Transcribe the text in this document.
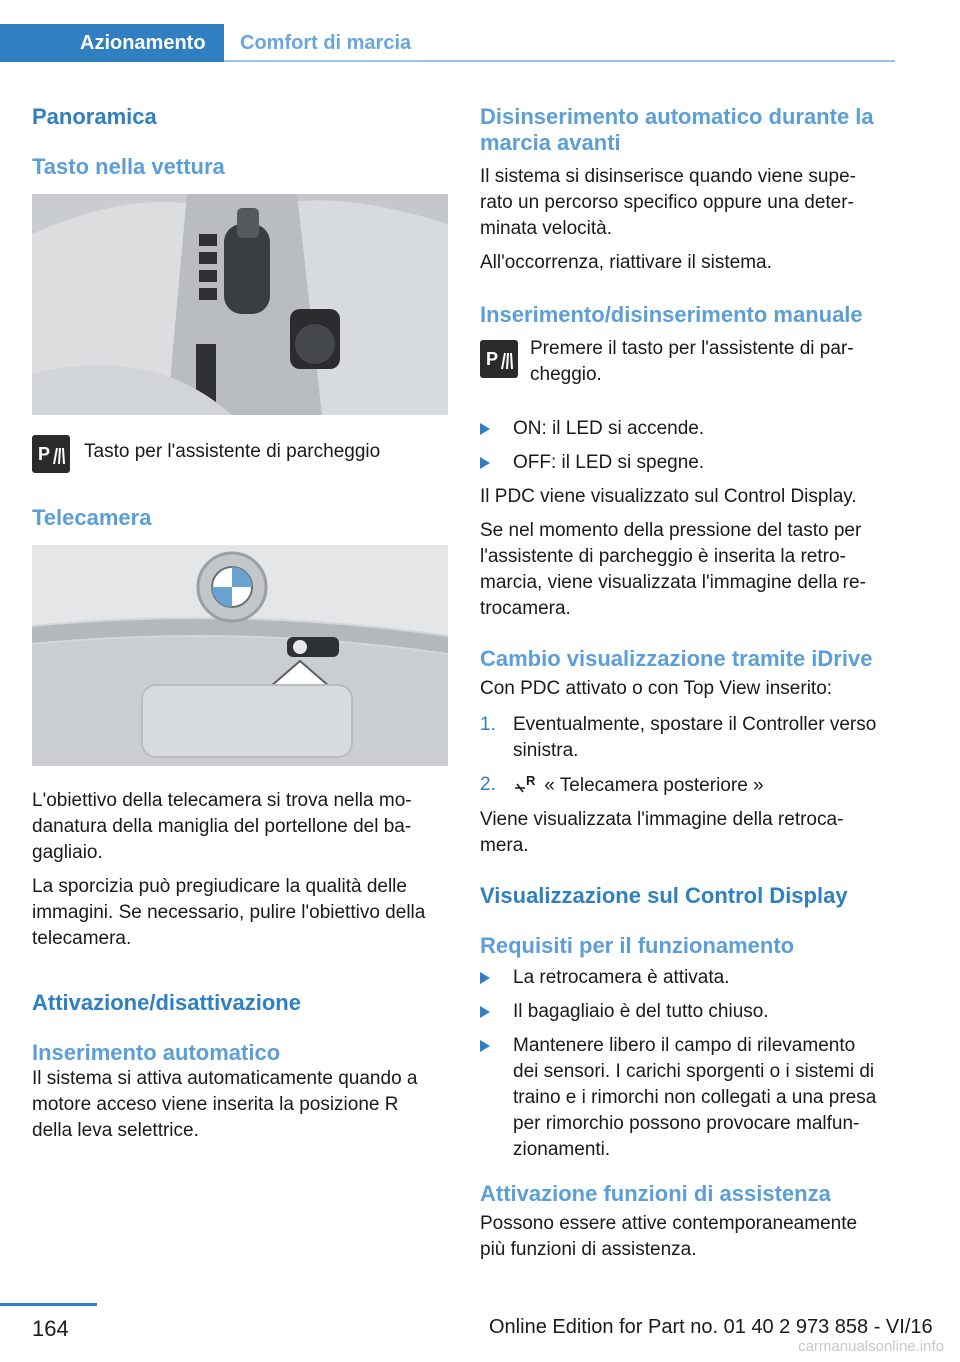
Azionamento	Comfort di marcia
Panoramica
Tasto nella vettura
P Tasto per l'assistente di parcheggio
Telecamera

L'obiettivo della telecamera si trova nella mo-
danatura della maniglia del portellone del ba-
gagliaio.

La sporcizia può pregiudicare la qualità delle
immagini. Se necessario, pulire l'obiettivo della
telecamera.

Attivazione/disattivazione
Inserimento automatico

Il sistema si attiva automaticamente quando a
motore acceso viene inserita la posizione R
della leva selettrice.

Disinserimento automatico durante la marcia avanti

Il sistema si disinserisce quando viene supe-
rato un percorso specifico oppure una deter-
minata velocità.

All'occorrenza, riattivare il sistema.

Inserimento/disinserimento manuale
P Premere il tasto per l'assistente di par-
cheggio.

ON: il LED si accende.
OFF: il LED si spegne.

Il PDC viene visualizzato sul Control Display.

Se nel momento della pressione del tasto per
l'assistente di parcheggio è inserita la retro-
marcia, viene visualizzata l'immagine della re-
trocamera.

Cambio visualizzazione tramite iDrive

Con PDC attivato o con Top View inserito:

1. Eventualmente, spostare il Controller verso
sinistra.
2. R « Telecamera posteriore »

Viene visualizzata l'immagine della retroca-
mera.

Visualizzazione sul Control Display
Requisiti per il funzionamento
La retrocamera è attivata.
Il bagagliaio è del tutto chiuso.
Mantenere libero il campo di rilevamento
dei sensori. I carichi sporgenti o i sistemi di
traino e i rimorchi non collegati a una presa
per rimorchio possono provocare malfun-
zionamenti.
Attivazione funzioni di assistenza

Possono essere attive contemporaneamente
più funzioni di assistenza.

164	Online Edition for Part no. 01 40 2 973 858 - VI/16
carmanualsonline.info
